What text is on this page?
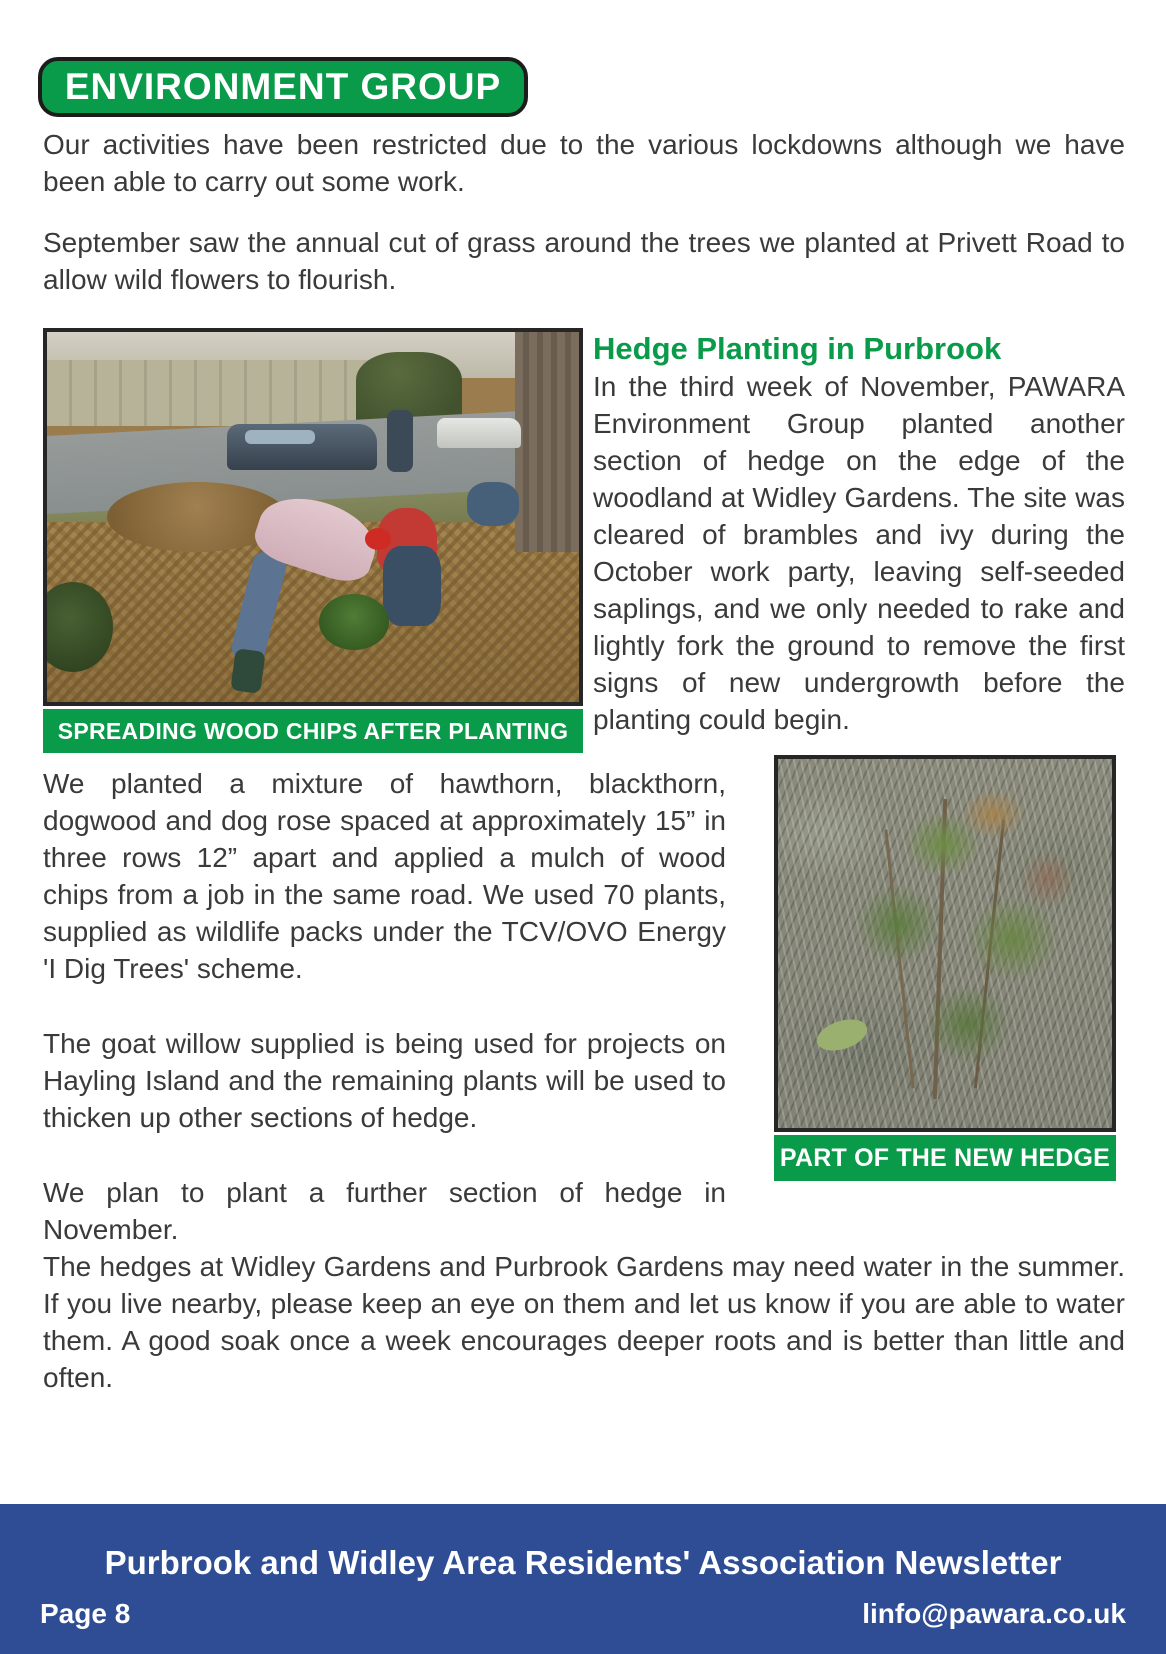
ENVIRONMENT GROUP

Our activities have been restricted due to the various lockdowns although we have been able to carry out some work.

September saw the annual cut of grass around the trees we planted at Privett Road to allow wild flowers to flourish.

SPREADING WOOD CHIPS AFTER PLANTING
Hedge Planting in Purbrook

In the third week of November, PAWARA Environment Group planted another section of hedge on the edge of the woodland at Widley Gardens. The site was cleared of brambles and ivy during the October work party, leaving self-seeded saplings, and we only needed to rake and lightly fork the ground to remove the first signs of new undergrowth before the planting could begin.

We planted a mixture of hawthorn, blackthorn, dogwood and dog rose spaced at approximately 15” in three rows 12” apart and applied a mulch of wood chips from a job in the same road. We used 70 plants, supplied as wildlife packs under the TCV/OVO Energy 'I Dig Trees' scheme.

The goat willow supplied is being used for projects on Hayling Island and the remaining plants will be used to thicken up other sections of hedge.

We plan to plant a further section of hedge in November.

PART OF THE NEW HEDGE

The hedges at Widley Gardens and Purbrook Gardens may need water in the summer. If you live nearby, please keep an eye on them and let us know if you are able to water them. A good soak once a week encourages deeper roots and is better than little and often.

Purbrook and Widley Area Residents' Association Newsletter
Page 8	linfo@pawara.co.uk
